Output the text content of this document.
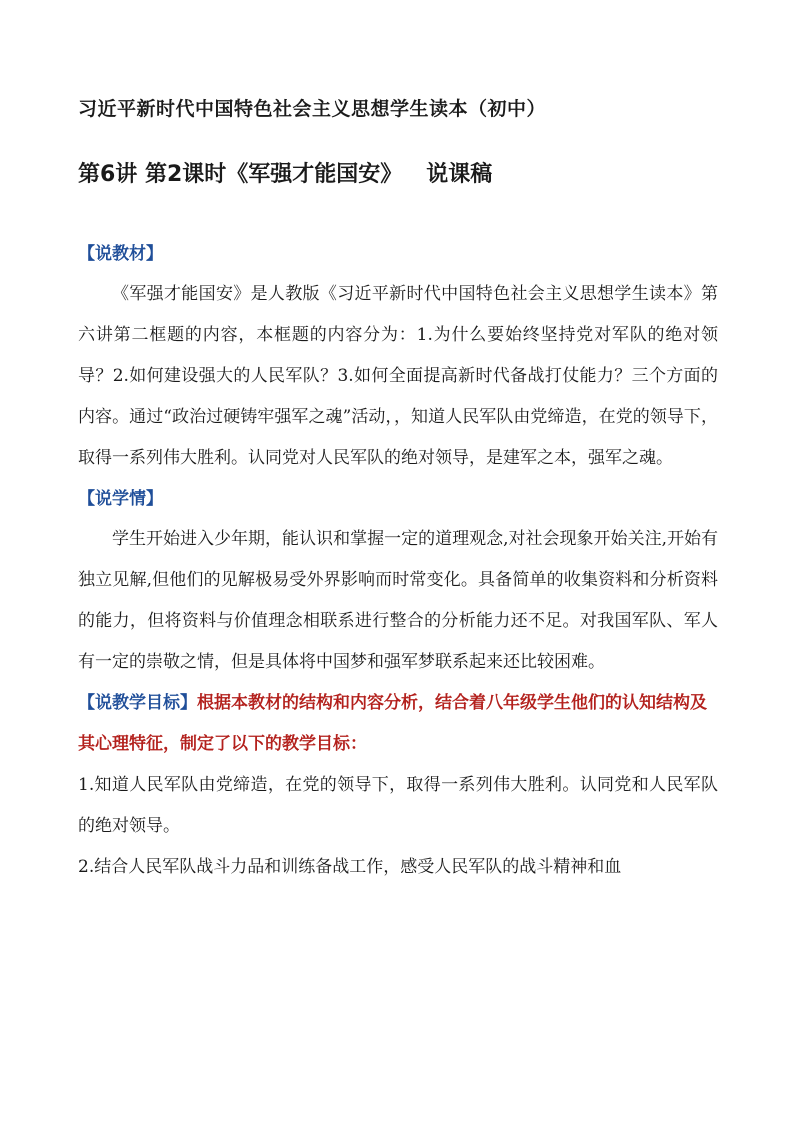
习近平新时代中国特色社会主义思想学生读本（初中）
第6讲 第2课时《军强才能国安》 说课稿
【说教材】

《军强才能国安》是人教版《习近平新时代中国特色社会主义思想学生读本》第六讲第二框题的内容，本框题的内容分为：1.为什么要始终坚持党对军队的绝对领导？2.如何建设强大的人民军队？3.如何全面提高新时代备战打仗能力？三个方面的内容。通过“政治过硬铸牢强军之魂”活动，，知道人民军队由党缔造，在党的领导下，取得一系列伟大胜利。认同党对人民军队的绝对领导，是建军之本，强军之魂。

【说学情】

学生开始进入少年期，能认识和掌握一定的道理观念,对社会现象开始关注,开始有独立见解,但他们的见解极易受外界影响而时常变化。具备简单的收集资料和分析资料的能力，但将资料与价值理念相联系进行整合的分析能力还不足。对我国军队、军人有一定的崇敬之情，但是具体将中国梦和强军梦联系起来还比较困难。

【说教学目标】根据本教材的结构和内容分析，结合着八年级学生他们的认知结构及其心理特征，制定了以下的教学目标：

1.知道人民军队由党缔造，在党的领导下，取得一系列伟大胜利。认同党和人民军队的绝对领导。

2.结合人民军队战斗力品和训练备战工作，感受人民军队的战斗精神和血
